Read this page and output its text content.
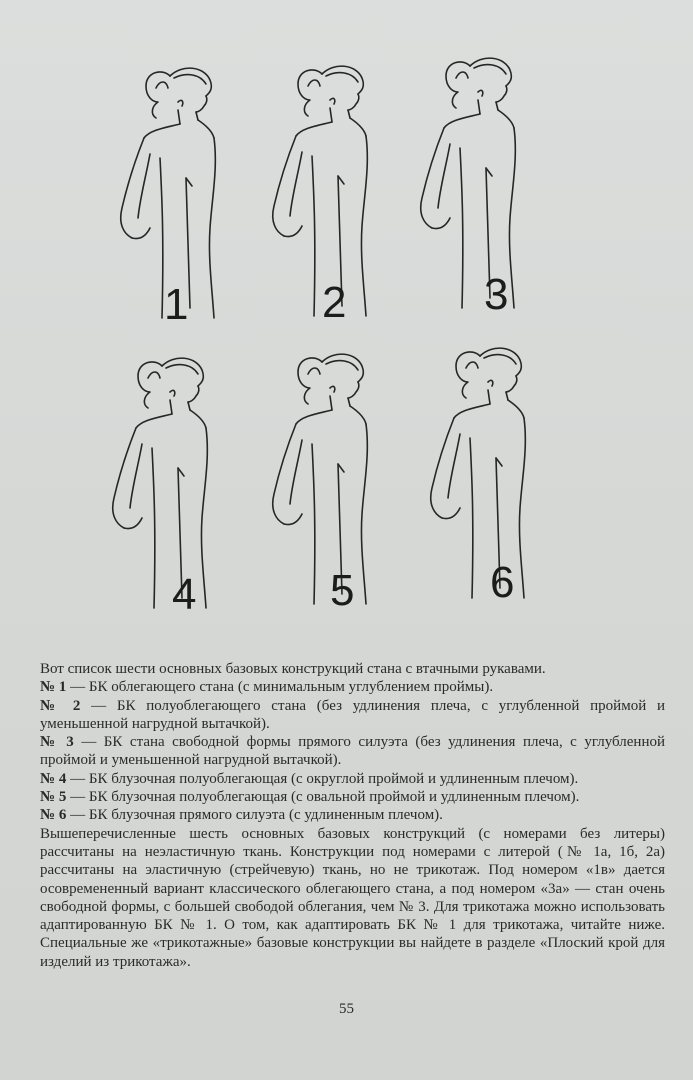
1	2	3
4	5	6

Вот список шести основных базовых конструкций стана с втачными рукавами.

№ 1 — БК облегающего стана (с минимальным углублением проймы).

№ 2 — БК полуоблегающего стана (без удлинения плеча, с углубленной проймой и уменьшенной нагрудной вытачкой).

№ 3 — БК стана свободной формы прямого силуэта (без удлинения плеча, с углубленной проймой и уменьшенной нагрудной вытачкой).

№ 4 — БК блузочная полуоблегающая (с округлой проймой и удлиненным плечом).

№ 5 — БК блузочная полуоблегающая (с овальной проймой и удлиненным плечом).

№ 6 — БК блузочная прямого силуэта (с удлиненным плечом).

Вышеперечисленные шесть основных базовых конструкций (с номерами без литеры) рассчитаны на неэластичную ткань. Конструкции под номерами с литерой (№ 1а, 1б, 2а) рассчитаны на эластичную (стрейчевую) ткань, но не трикотаж. Под номером «1в» дается осовремененный вариант классического облегающего стана, а под номером «3а» — стан очень свободной формы, с большей свободой облегания, чем № 3. Для трикотажа можно использовать адаптированную БК № 1. О том, как адаптировать БК № 1 для трикотажа, читайте ниже. Специальные же «трикотажные» базовые конструкции вы найдете в разделе «Плоский крой для изделий из трикотажа».

55
